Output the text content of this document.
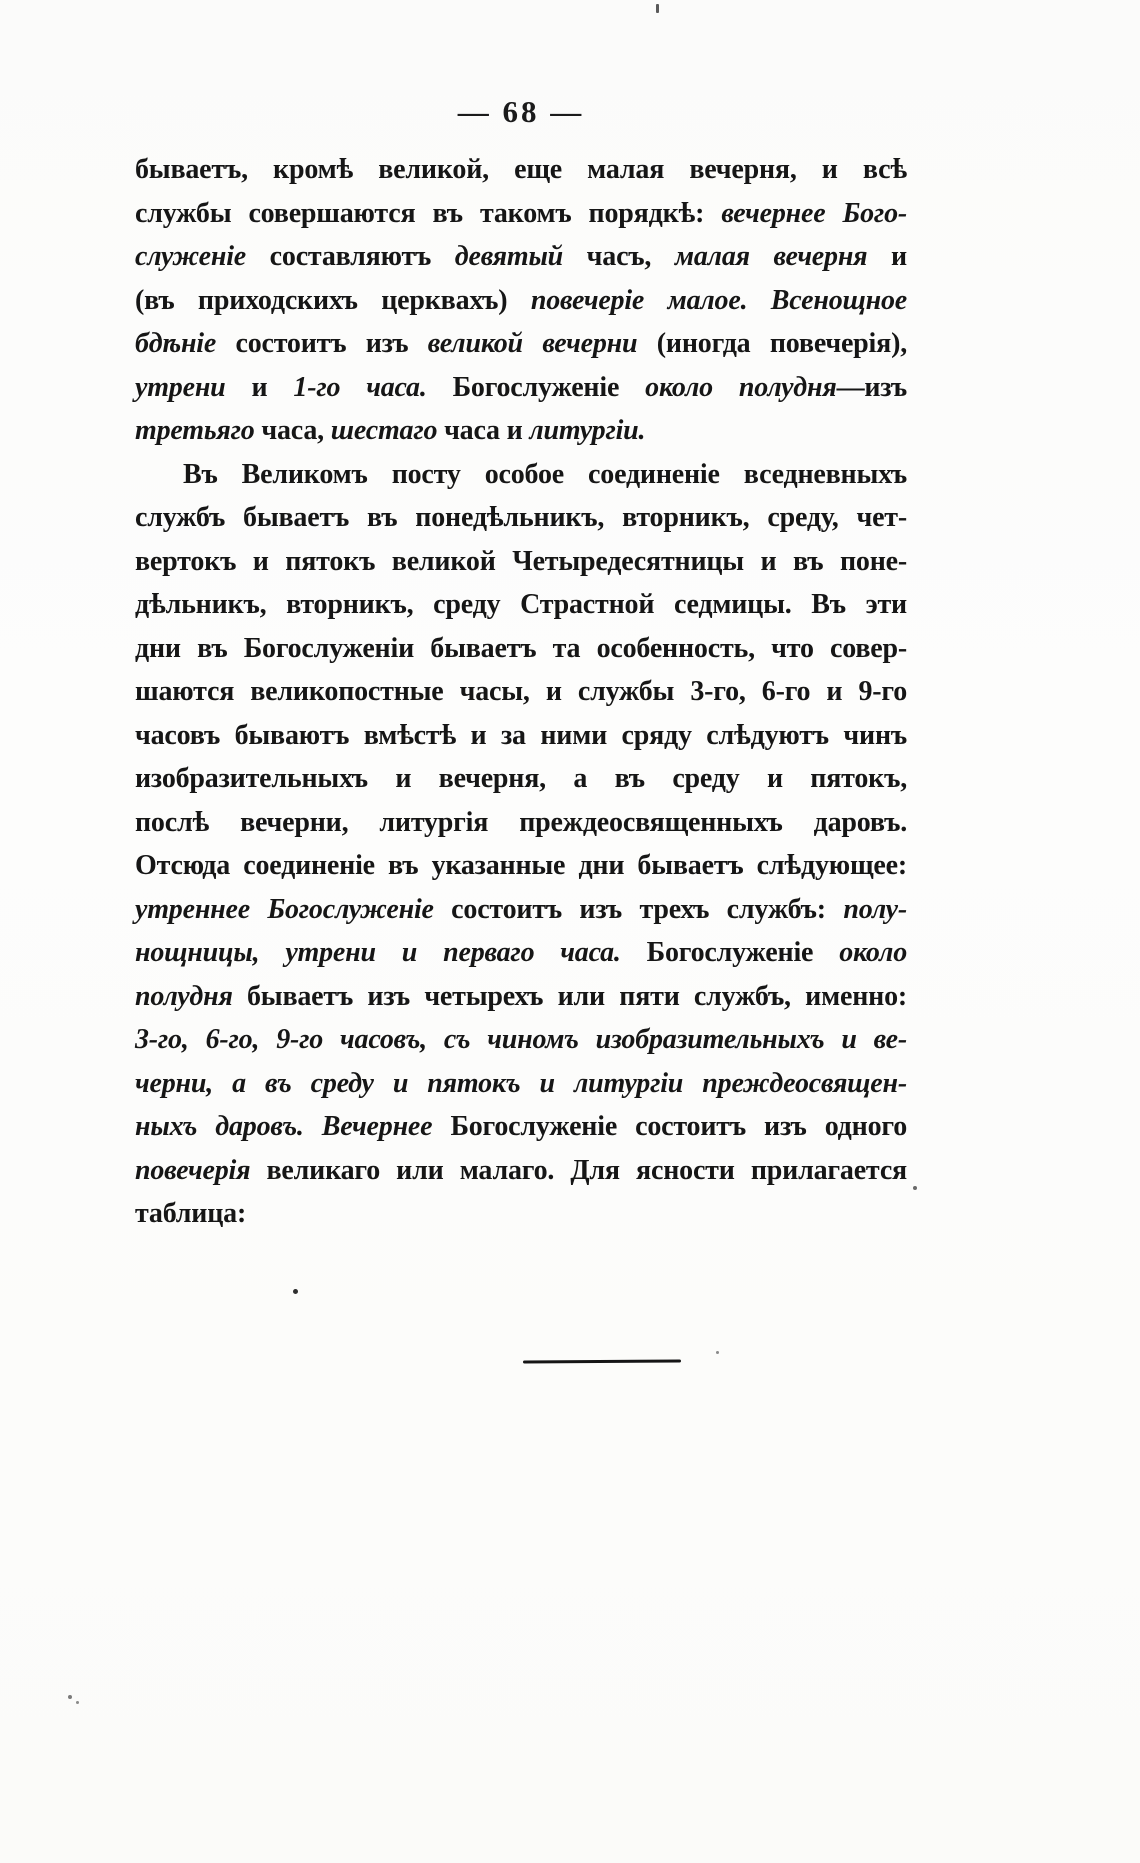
— 68 —
бываетъ, кромѣ великой, еще малая вечерня, и всѣ
службы совершаются въ такомъ порядкѣ: вечернее Бого-
служеніе составляютъ девятый часъ, малая вечерня и
(въ приходскихъ церквахъ) повечеріе малое. Всенощное
бдѣніе состоитъ изъ великой вечерни (иногда повечерія),
утрени и 1-го часа. Богослуженіе около полудня—изъ
третьяго часа, шестаго часа и литургіи.
Въ Великомъ посту особое соединеніе вседневныхъ
службъ бываетъ въ понедѣльникъ, вторникъ, среду, чет-
вертокъ и пятокъ великой Четыредесятницы и въ поне-
дѣльникъ, вторникъ, среду Страстной седмицы. Въ эти
дни въ Богослуженіи бываетъ та особенность, что совер-
шаются великопостные часы, и службы 3-го, 6-го и 9-го
часовъ бываютъ вмѣстѣ и за ними сряду слѣдуютъ чинъ
изобразительныхъ и вечерня, а въ среду и пятокъ,
послѣ вечерни, литургія преждеосвященныхъ даровъ.
Отсюда соединеніе въ указанные дни бываетъ слѣдующее:
утреннее Богослуженіе состоитъ изъ трехъ службъ: полу-
нощницы, утрени и перваго часа. Богослуженіе около
полудня бываетъ изъ четырехъ или пяти службъ, именно:
3-го, 6-го, 9-го часовъ, съ чиномъ изобразительныхъ и ве-
черни, а въ среду и пятокъ и литургіи преждеосвящен-
ныхъ даровъ. Вечернее Богослуженіе состоитъ изъ одного
повечерія великаго или малаго. Для ясности прилагается
таблица:
